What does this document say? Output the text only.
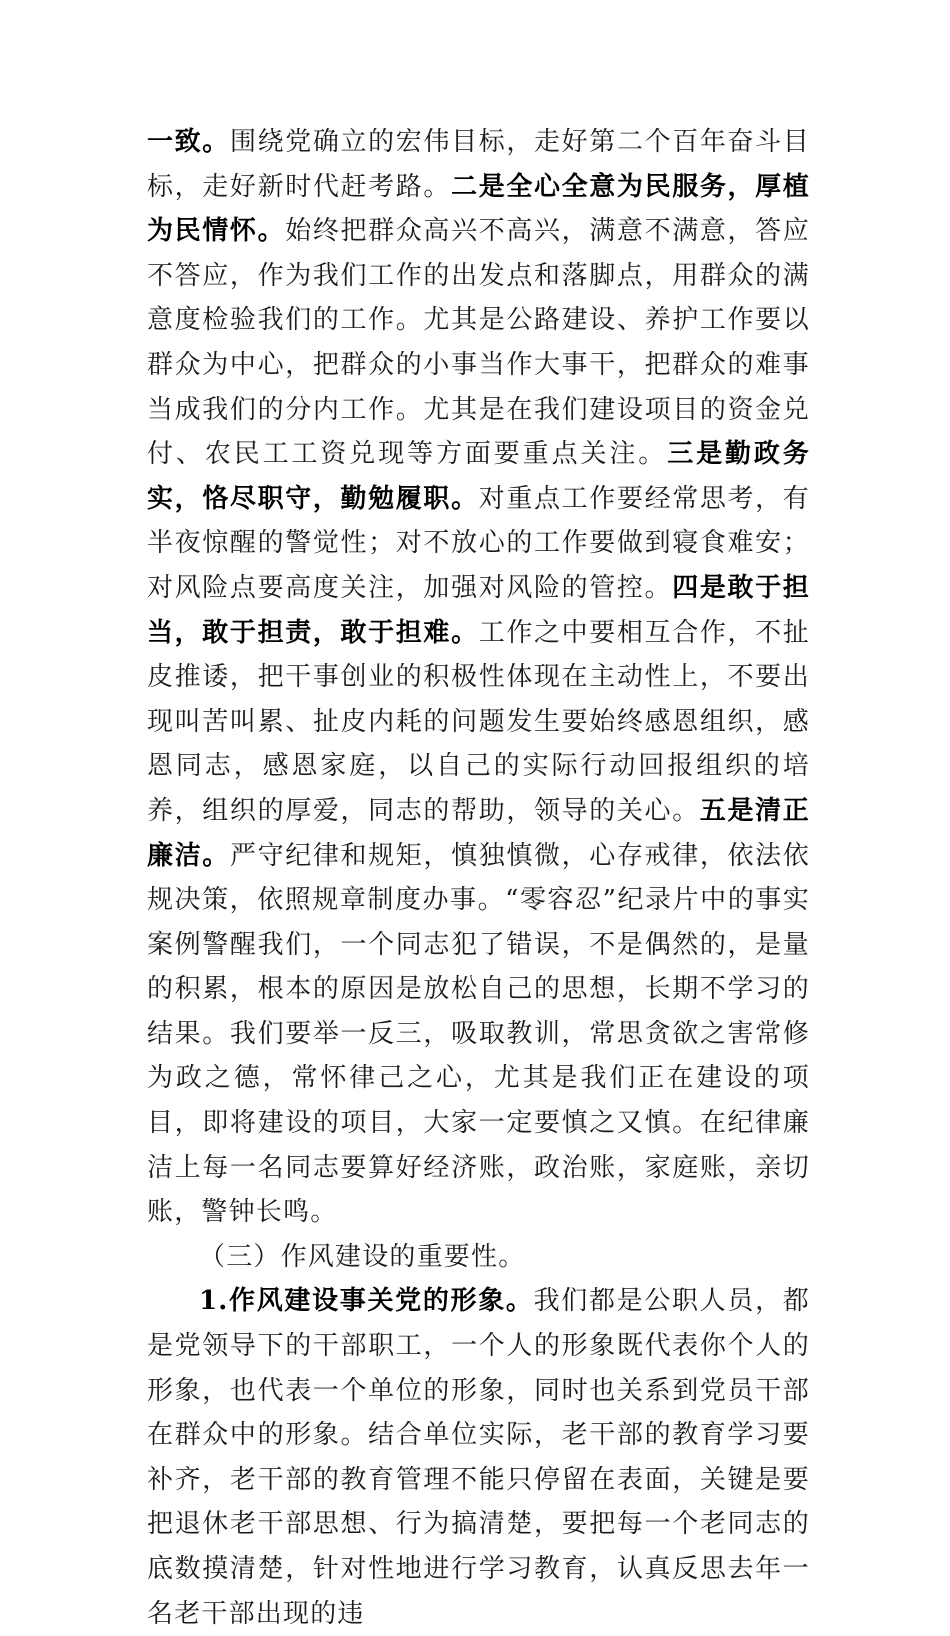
一致。围绕党确立的宏伟目标，走好第二个百年奋斗目标，走好新时代赶考路。二是全心全意为民服务，厚植为民情怀。始终把群众高兴不高兴，满意不满意，答应不答应，作为我们工作的出发点和落脚点，用群众的满意度检验我们的工作。尤其是公路建设、养护工作要以群众为中心，把群众的小事当作大事干，把群众的难事当成我们的分内工作。尤其是在我们建设项目的资金兑付、农民工工资兑现等方面要重点关注。三是勤政务实，恪尽职守，勤勉履职。对重点工作要经常思考，有半夜惊醒的警觉性；对不放心的工作要做到寝食难安；对风险点要高度关注，加强对风险的管控。四是敢于担当，敢于担责，敢于担难。工作之中要相互合作，不扯皮推诿，把干事创业的积极性体现在主动性上，不要出现叫苦叫累、扯皮内耗的问题发生要始终感恩组织，感恩同志，感恩家庭，以自己的实际行动回报组织的培养，组织的厚爱，同志的帮助，领导的关心。五是清正廉洁。严守纪律和规矩，慎独慎微，心存戒律，依法依规决策，依照规章制度办事。“零容忍”纪录片中的事实案例警醒我们，一个同志犯了错误，不是偶然的，是量的积累，根本的原因是放松自己的思想，长期不学习的结果。我们要举一反三，吸取教训，常思贪欲之害常修为政之德，常怀律己之心，尤其是我们正在建设的项目，即将建设的项目，大家一定要慎之又慎。在纪律廉洁上每一名同志要算好经济账，政治账，家庭账，亲切账，警钟长鸣。

（三）作风建设的重要性。

1.作风建设事关党的形象。我们都是公职人员，都是党领导下的干部职工，一个人的形象既代表你个人的形象，也代表一个单位的形象，同时也关系到党员干部在群众中的形象。结合单位实际，老干部的教育学习要补齐，老干部的教育管理不能只停留在表面，关键是要把退休老干部思想、行为搞清楚，要把每一个老同志的底数摸清楚，针对性地进行学习教育，认真反思去年一名老干部出现的违
